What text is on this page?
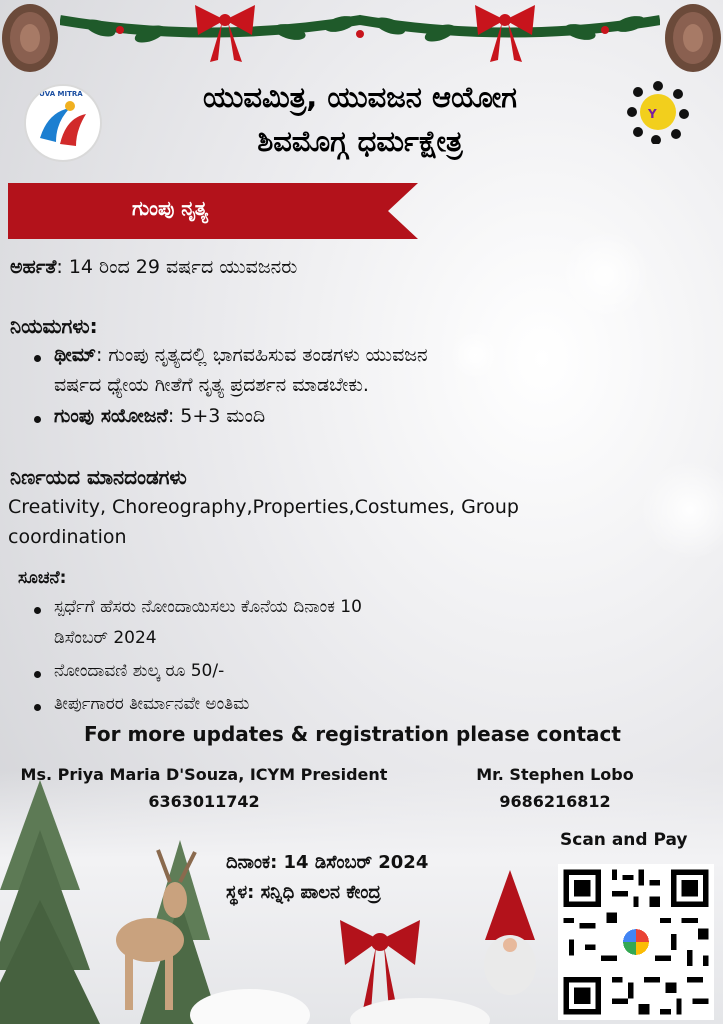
YUVA MITRA
Y
ಯುವಮಿತ್ರ, ಯುವಜನ ಆಯೋಗ
ಶಿವಮೊಗ್ಗ ಧರ್ಮಕ್ಷೇತ್ರ
ಗುಂಪು ನೃತ್ಯ
ಅರ್ಹತೆ: 14 ರಿಂದ 29 ವರ್ಷದ ಯುವಜನರು
ನಿಯಮಗಳು:
ಥೀಮ್: ಗುಂಪು ನೃತ್ಯದಲ್ಲಿ ಭಾಗವಹಿಸುವ ತಂಡಗಳು ಯುವಜನ
ವರ್ಷದ ಧ್ಯೇಯ ಗೀತೆಗೆ ನೃತ್ಯ ಪ್ರದರ್ಶನ ಮಾಡಬೇಕು.
ಗುಂಪು ಸಯೋಜನೆ: 5+3 ಮಂದಿ
ನಿರ್ಣಯದ ಮಾನದಂಡಗಳು
Creativity, Choreography,Properties,Costumes, Group
coordination
ಸೂಚನೆ:
ಸ್ಪರ್ಧೆಗೆ ಹೆಸರು ನೋಂದಾಯಿಸಲು ಕೊನೆಯ ದಿನಾಂಕ 10
ಡಿಸೆಂಬರ್ 2024
ನೋಂದಾವಣಿ ಶುಲ್ಕ ರೂ 50/-
ತೀರ್ಪುಗಾರರ ತೀರ್ಮಾನವೇ ಅಂತಿಮ
For more updates & registration please contact
Ms. Priya Maria D'Souza, ICYM President
6363011742
Mr. Stephen Lobo
9686216812
ದಿನಾಂಕ: 14 ಡಿಸೆಂಬರ್ 2024
ಸ್ಥಳ: ಸನ್ನಿಧಿ ಪಾಲನ ಕೇಂದ್ರ
Scan and Pay
